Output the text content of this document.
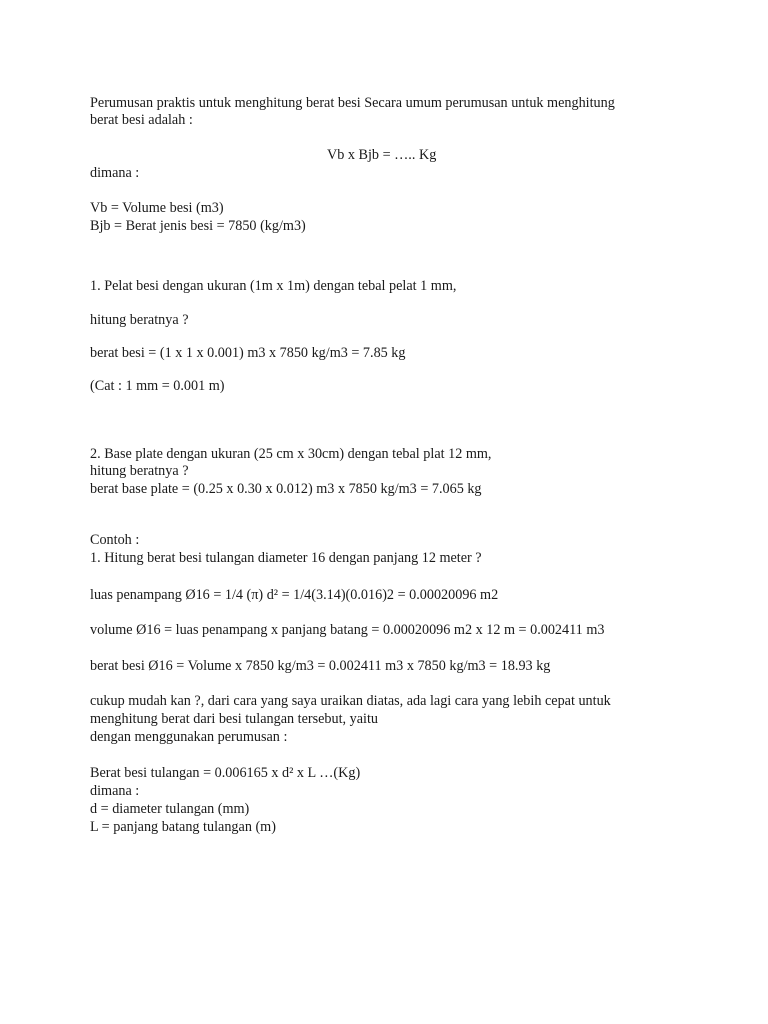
Perumusan praktis untuk menghitung berat besi Secara umum perumusan untuk menghitung
berat besi adalah :
Vb x Bjb = ….. Kg
dimana :
Vb = Volume besi (m3)
Bjb = Berat jenis besi = 7850 (kg/m3)
1. Pelat besi dengan ukuran (1m x 1m) dengan tebal pelat 1 mm,
hitung beratnya ?
berat besi = (1 x 1 x 0.001) m3 x 7850 kg/m3 = 7.85 kg
(Cat : 1 mm = 0.001 m)
2. Base plate dengan ukuran (25 cm x 30cm) dengan tebal plat 12 mm,
hitung beratnya ?
berat base plate = (0.25 x 0.30 x 0.012) m3 x 7850 kg/m3 = 7.065 kg
Contoh :
1. Hitung berat besi tulangan diameter 16 dengan panjang 12 meter ?
luas penampang Ø16 = 1/4 (π) d² = 1/4(3.14)(0.016)2 = 0.00020096 m2
volume Ø16 = luas penampang x panjang batang = 0.00020096 m2 x 12 m = 0.002411 m3
berat besi Ø16 = Volume x 7850 kg/m3 = 0.002411 m3 x 7850 kg/m3 = 18.93 kg
cukup mudah kan ?, dari cara yang saya uraikan diatas, ada lagi cara yang lebih cepat untuk
menghitung berat dari besi tulangan tersebut, yaitu
dengan menggunakan perumusan :
Berat besi tulangan = 0.006165 x d² x L …(Kg)
dimana :
d = diameter tulangan (mm)
L = panjang batang tulangan (m)
